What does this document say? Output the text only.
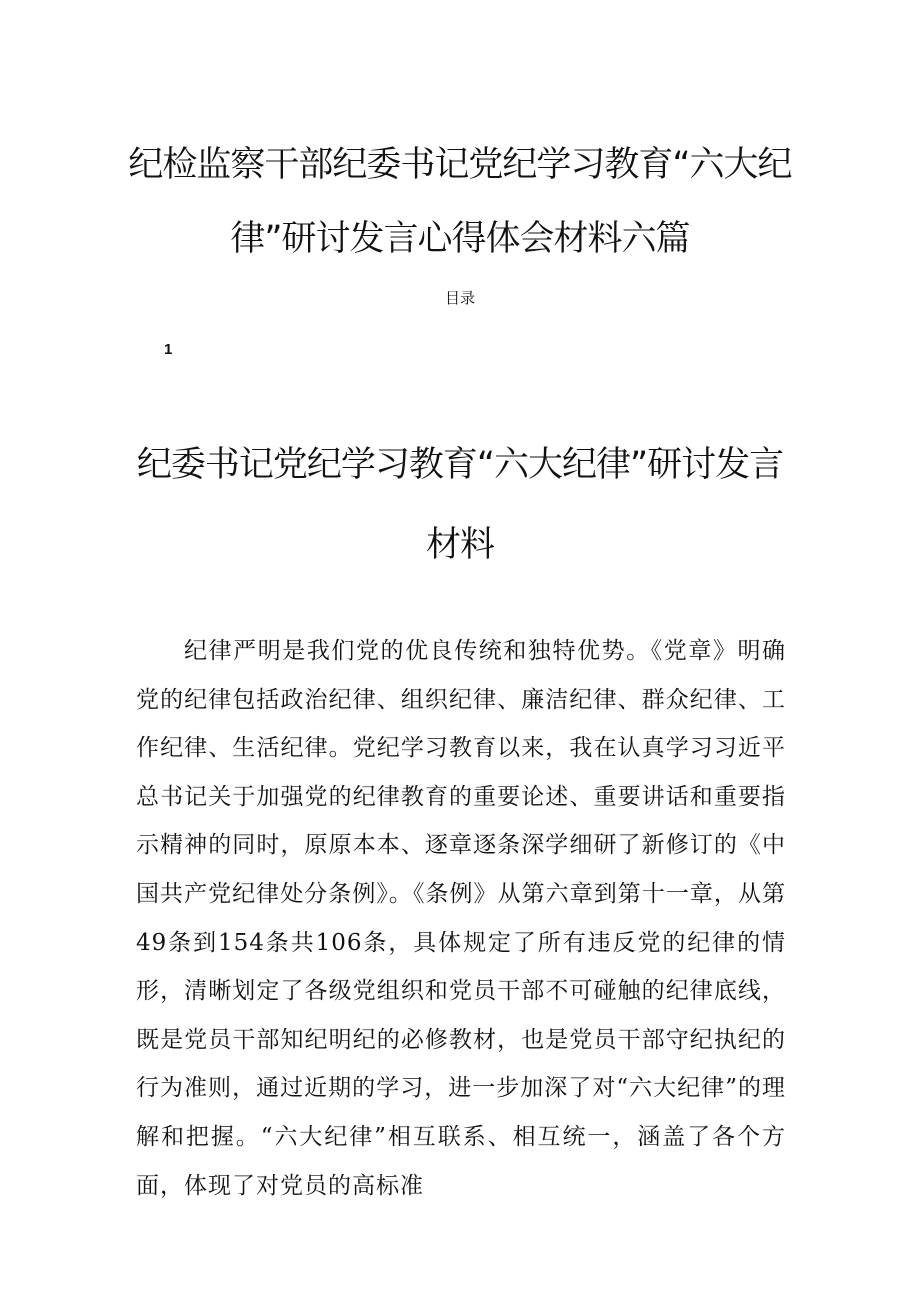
纪检监察干部纪委书记党纪学习教育“六大纪律”研讨发言心得体会材料六篇
目录
1
纪委书记党纪学习教育“六大纪律”研讨发言材料

纪律严明是我们党的优良传统和独特优势。《党章》明确党的纪律包括政治纪律、组织纪律、廉洁纪律、群众纪律、工作纪律、生活纪律。党纪学习教育以来，我在认真学习习近平总书记关于加强党的纪律教育的重要论述、重要讲话和重要指示精神的同时，原原本本、逐章逐条深学细研了新修订的《中国共产党纪律处分条例》。《条例》从第六章到第十一章，从第49条到154条共106条，具体规定了所有违反党的纪律的情形，清晰划定了各级党组织和党员干部不可碰触的纪律底线，既是党员干部知纪明纪的必修教材，也是党员干部守纪执纪的行为准则，通过近期的学习，进一步加深了对“六大纪律”的理解和把握。“六大纪律”相互联系、相互统一，涵盖了各个方面，体现了对党员的高标准
